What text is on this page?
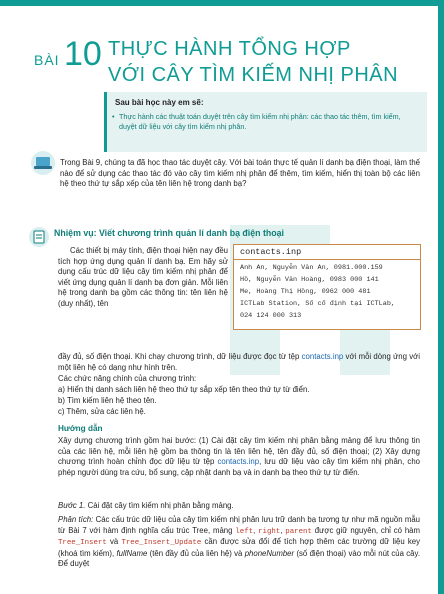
BÀI 10 THỰC HÀNH TỔNG HỢP
VỚI CÂY TÌM KIẾM NHỊ PHÂN
Sau bài học này em sẽ:
• Thực hành các thuật toán duyệt trên cây tìm kiếm nhị phân: các thao tác thêm, tìm kiếm, duyệt dữ liệu với cây tìm kiếm nhị phân.
Trong Bài 9, chúng ta đã học thao tác duyệt cây. Với bài toán thực tế quản lí danh bạ điện thoại, làm thế nào để sử dụng các thao tác đó vào cây tìm kiếm nhị phân để thêm, tìm kiếm, hiển thị toàn bộ các liên hệ theo thứ tự sắp xếp của tên liên hệ trong danh bạ?
Nhiệm vụ: Viết chương trình quản lí danh bạ điện thoại
Các thiết bị máy tính, điện thoại hiện nay đều tích hợp ứng dụng quản lí danh bạ. Em hãy sử dụng cấu trúc dữ liệu cây tìm kiếm nhị phân để viết ứng dụng quản lí danh bạ đơn giản. Mỗi liên hệ trong danh bạ gồm các thông tin: tên liên hệ (duy nhất), tên
contacts.inp
Anh An, Nguyễn Văn An, 0981.000.159
Hồ, Nguyễn Văn Hoàng, 0983 000 141
Me, Hoàng Thị Hồng, 0962 000 481
ICTLab Station, Số cố định tại ICTLab,
024 124 000 313
đầy đủ, số điện thoại. Khi chạy chương trình, dữ liệu được đọc từ tệp contacts.inp với mỗi dòng ứng với một liên hệ có dạng như hình trên.
Các chức năng chính của chương trình:
a) Hiển thị danh sách liên hệ theo thứ tự sắp xếp tên theo thứ tự từ điển.
b) Tìm kiếm liên hệ theo tên.
c) Thêm, sửa các liên hệ.
Hướng dẫn
Xây dựng chương trình gồm hai bước: (1) Cài đặt cây tìm kiếm nhị phân bằng mảng để lưu thông tin của các liên hệ, mỗi liên hệ gồm ba thông tin là tên liên hệ, tên đầy đủ, số điện thoại; (2) Xây dựng chương trình hoàn chỉnh đọc dữ liệu từ tệp contacts.inp, lưu dữ liệu vào cây tìm kiếm nhị phân, cho phép người dùng tra cứu, bổ sung, cập nhật danh bạ và in danh bạ theo thứ tự từ điển.
Bước 1. Cài đặt cây tìm kiếm nhị phân bằng mảng.
Phân tích: Các cấu trúc dữ liệu của cây tìm kiếm nhị phân lưu trữ danh bạ tương tự như mã nguồn mẫu từ Bài 7 với hàm định nghĩa cấu trúc Tree, mảng left, right, parent được giữ nguyên, chỉ có hàm Tree_Insert và Tree_Insert_Update cần được sửa đổi để tích hợp thêm các trường dữ liệu key (khoá tìm kiếm), fullName (tên đầy đủ của liên hệ) và phoneNumber (số điện thoại) vào mỗi nút của cây. Để duyệt
